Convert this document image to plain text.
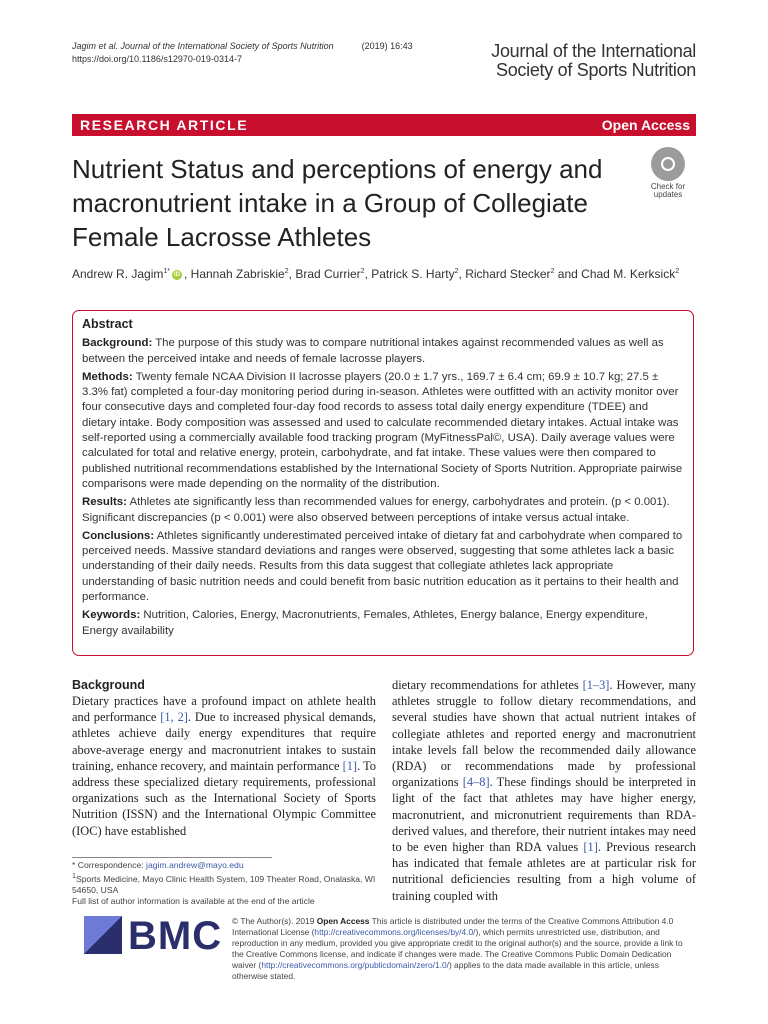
Jagim et al. Journal of the International Society of Sports Nutrition	(2019) 16:43
https://doi.org/10.1186/s12970-019-0314-7	Journal of the International
Society of Sports Nutrition
RESEARCH ARTICLE	Open Access
Nutrient Status and perceptions of energy and macronutrient intake in a Group of Collegiate Female Lacrosse Athletes
Check for
updates
Andrew R. Jagim$^{1*}$ iD , Hannah Zabriskie$^2$, Brad Currier$^2$, Patrick S. Harty$^2$, Richard Stecker$^2$ and Chad M. Kerksick$^2$
Abstract

Background: The purpose of this study was to compare nutritional intakes against recommended values as well as between the perceived intake and needs of female lacrosse players.

Methods: Twenty female NCAA Division II lacrosse players (20.0 ± 1.7 yrs., 169.7 ± 6.4 cm; 69.9 ± 10.7 kg; 27.5 ± 3.3% fat) completed a four-day monitoring period during in-season. Athletes were outfitted with an activity monitor over four consecutive days and completed four-day food records to assess total daily energy expenditure (TDEE) and dietary intake. Body composition was assessed and used to calculate recommended dietary intakes. Actual intake was self-reported using a commercially available food tracking program (MyFitnessPal©, USA). Daily average values were calculated for total and relative energy, protein, carbohydrate, and fat intake. These values were then compared to published nutritional recommendations established by the International Society of Sports Nutrition. Appropriate pairwise comparisons were made depending on the normality of the distribution.

Results: Athletes ate significantly less than recommended values for energy, carbohydrates and protein. (p < 0.001). Significant discrepancies (p < 0.001) were also observed between perceptions of intake versus actual intake.

Conclusions: Athletes significantly underestimated perceived intake of dietary fat and carbohydrate when compared to perceived needs. Massive standard deviations and ranges were observed, suggesting that some athletes lack a basic understanding of their daily needs. Results from this data suggest that collegiate athletes lack appropriate understanding of basic nutrition needs and could benefit from basic nutrition education as it pertains to their health and performance.

Keywords: Nutrition, Calories, Energy, Macronutrients, Females, Athletes, Energy balance, Energy expenditure, Energy availability

Background
Dietary practices have a profound impact on athlete health and performance [1, 2]. Due to increased physical demands, athletes achieve daily energy expenditures that require above-average energy and macronutrient intakes to sustain training, enhance recovery, and maintain performance [1]. To address these specialized dietary requirements, professional organizations such as the International Society of Sports Nutrition (ISSN) and the International Olympic Committee (IOC) have established
dietary recommendations for athletes [1–3]. However, many athletes struggle to follow dietary recommendations, and several studies have shown that actual nutrient intakes of collegiate athletes and reported energy and macronutrient intake levels fall below the recommended daily allowance (RDA) or recommendations made by professional organizations [4–8]. These findings should be interpreted in light of the fact that athletes may have higher energy, macronutrient, and micronutrient requirements than RDA-derived values, and therefore, their nutrient intakes may need to be even higher than RDA values [1]. Previous research has indicated that female athletes are at particular risk for nutritional deficiencies resulting from a high volume of training coupled with
* Correspondence: jagim.andrew@mayo.edu
$^1$Sports Medicine, Mayo Clinic Health System, 109 Theater Road, Onalaska, WI 54650, USA
Full list of author information is available at the end of the article
BMC © The Author(s). 2019 Open Access This article is distributed under the terms of the Creative Commons Attribution 4.0 International License (http://creativecommons.org/licenses/by/4.0/), which permits unrestricted use, distribution, and reproduction in any medium, provided you give appropriate credit to the original author(s) and the source, provide a link to the Creative Commons license, and indicate if changes were made. The Creative Commons Public Domain Dedication waiver (http://creativecommons.org/publicdomain/zero/1.0/) applies to the data made available in this article, unless otherwise stated.
